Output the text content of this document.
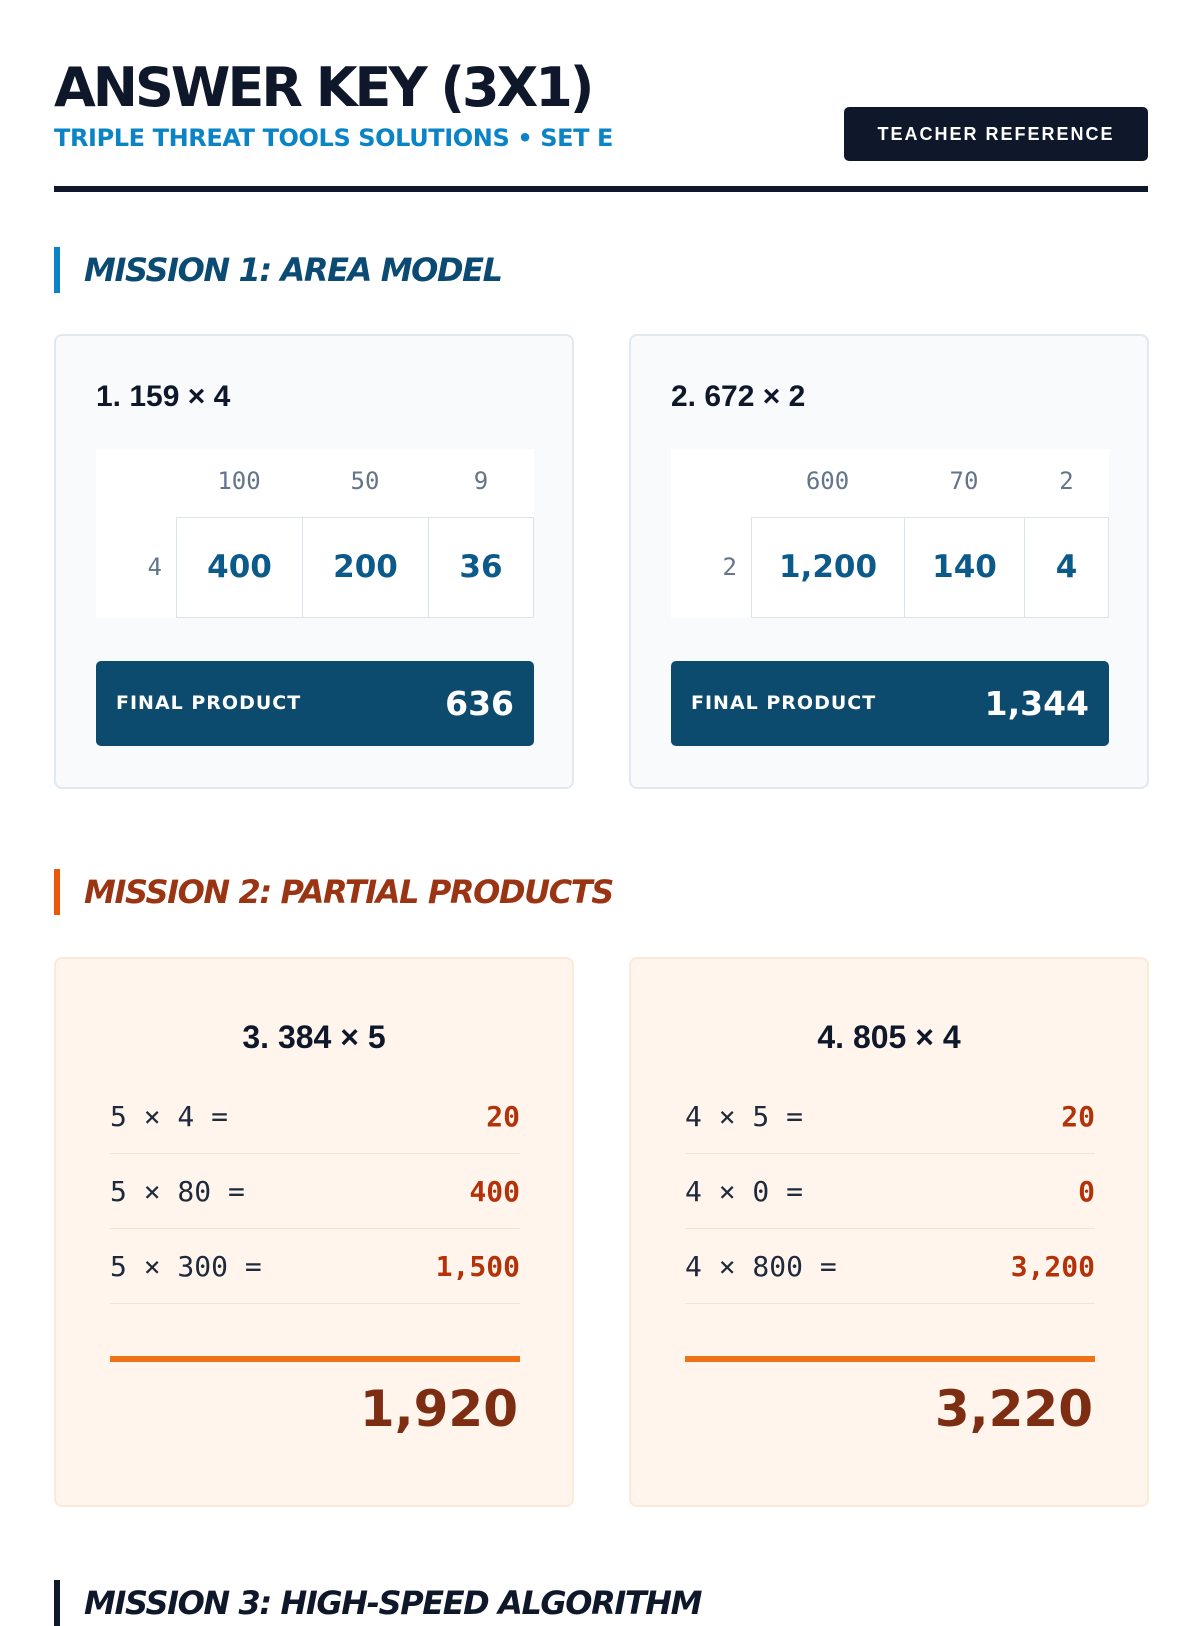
ANSWER KEY (3X1)
TRIPLE THREAT TOOLS SOLUTIONS • SET E	TEACHER REFERENCE
MISSION 1: AREA MODEL
1. 159 × 4
100	50	9
4	400	200	36
FINAL PRODUCT	636
2. 672 × 2
600	70	2
2	1,200	140	4
FINAL PRODUCT	1,344
MISSION 2: PARTIAL PRODUCTS
3. 384 × 5
5 × 4 =	20
5 × 80 =	400
5 × 300 =	1,500
1,920
4. 805 × 4
4 × 5 =	20
4 × 0 =	0
4 × 800 =	3,200
3,220
MISSION 3: HIGH-SPEED ALGORITHM
